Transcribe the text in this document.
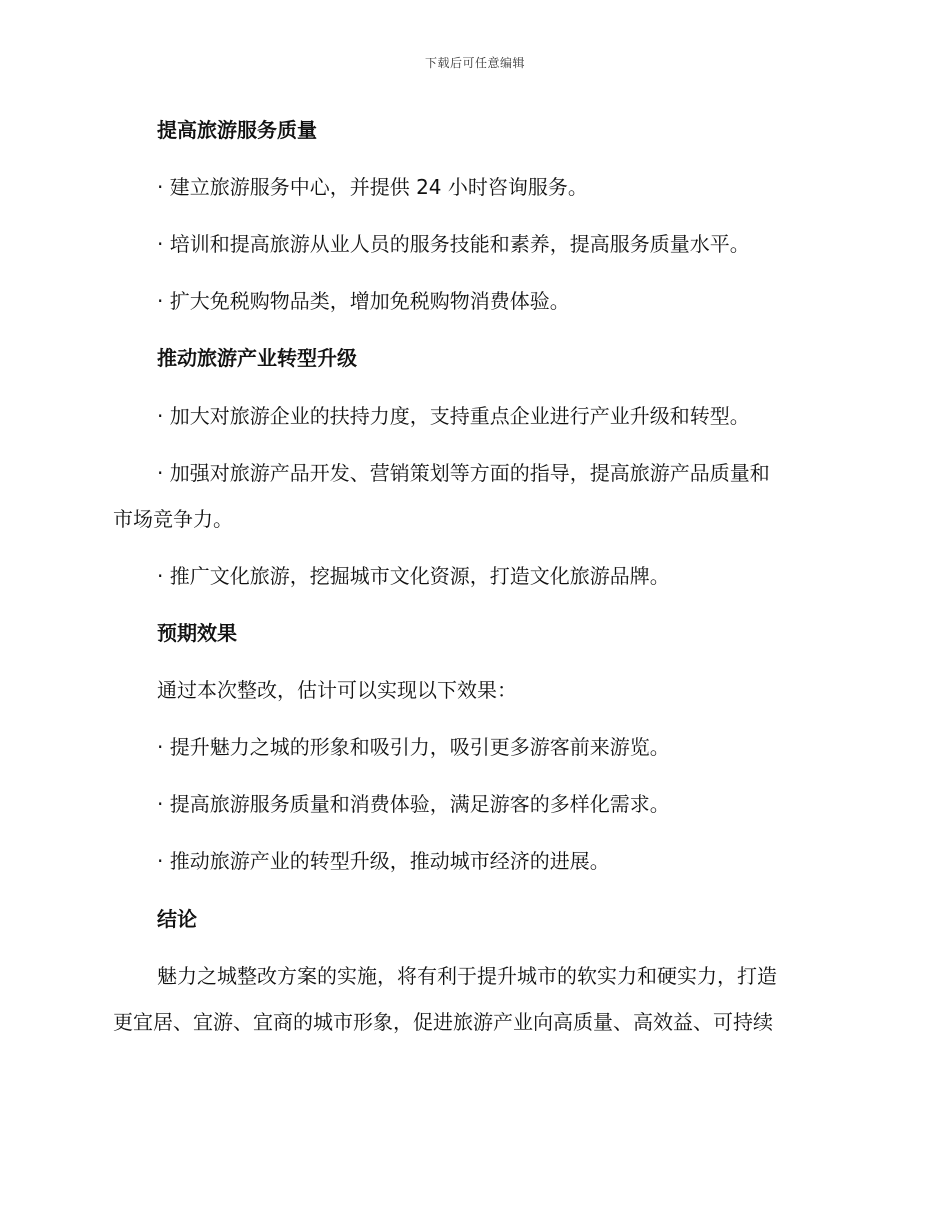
下载后可任意编辑
提高旅游服务质量
· 建立旅游服务中心，并提供 24 小时咨询服务。
· 培训和提高旅游从业人员的服务技能和素养，提高服务质量水平。
· 扩大免税购物品类，增加免税购物消费体验。
推动旅游产业转型升级
· 加大对旅游企业的扶持力度，支持重点企业进行产业升级和转型。
· 加强对旅游产品开发、营销策划等方面的指导，提高旅游产品质量和
市场竞争力。
· 推广文化旅游，挖掘城市文化资源，打造文化旅游品牌。
预期效果
通过本次整改，估计可以实现以下效果：
· 提升魅力之城的形象和吸引力，吸引更多游客前来游览。
· 提高旅游服务质量和消费体验，满足游客的多样化需求。
· 推动旅游产业的转型升级，推动城市经济的进展。
结论
魅力之城整改方案的实施，将有利于提升城市的软实力和硬实力，打造
更宜居、宜游、宜商的城市形象，促进旅游产业向高质量、高效益、可持续
